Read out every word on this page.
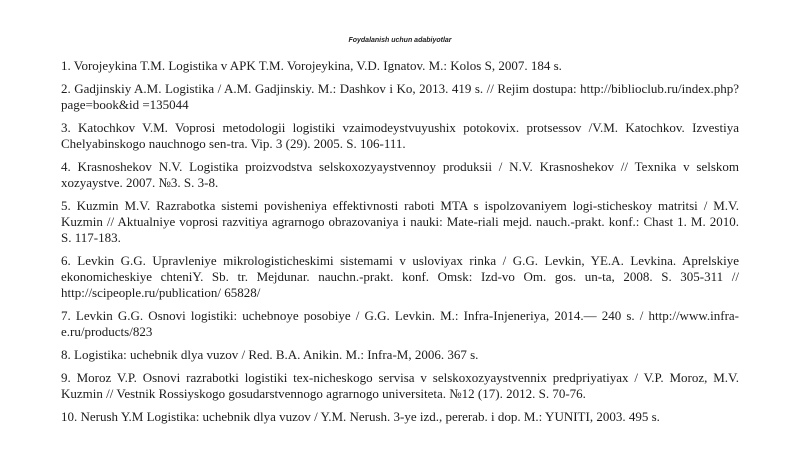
Foydalanish uchun adabiyotlar
1. Vorojeykina T.M. Logistika v APK T.M. Vorojeykina, V.D. Ignatov. M.: Kolos S, 2007. 184 s.
2. Gadjinskiy A.M. Logistika / A.M. Gadjinskiy. M.: Dashkov i Ko, 2013. 419 s. // Rejim dostupa: http://biblioclub.ru/index.php?page=book&id =135044
3. Katochkov V.M. Voprosi metodologii logistiki vzaimodeystvuyushix potokovix. protsessov /V.M. Katochkov. Izvestiya Chelyabinskogo nauchnogo sen-tra. Vip. 3 (29). 2005. S. 106-111.
4. Krasnoshekov N.V. Logistika proizvodstva selskoxozyaystvennoy produksii / N.V. Krasnoshekov // Texnika v selskom xozyaystve. 2007. №3. S. 3-8.
5. Kuzmin M.V. Razrabotka sistemi povisheniya effektivnosti raboti MTA s ispolzovaniyem logi-sticheskoy matritsi / M.V. Kuzmin // Aktualniye voprosi razvitiya agrarnogo obrazovaniya i nauki: Mate-riali mejd. nauch.-prakt. konf.: Chast 1. M. 2010. S. 117-183.
6. Levkin G.G. Upravleniye mikrologisticheskimi sistemami v usloviyax rinka / G.G. Levkin, YE.A. Levkina. Aprelskiye ekonomicheskiye chteniY. Sb. tr. Mejdunar. nauchn.-prakt. konf. Omsk: Izd-vo Om. gos. un-ta, 2008. S. 305-311 // http://scipeople.ru/publication/ 65828/
7. Levkin G.G. Osnovi logistiki: uchebnoye posobiye / G.G. Levkin. M.: Infra-Injeneriya, 2014.— 240 s. / http://www.infra-e.ru/products/823
8. Logistika: uchebnik dlya vuzov / Red. B.A. Anikin. M.: Infra-M, 2006. 367 s.
9. Moroz V.P. Osnovi razrabotki logistiki tex-nicheskogo servisa v selskoxozyaystvennix predpriyatiyax / V.P. Moroz, M.V. Kuzmin // Vestnik Rossiyskogo gosudarstvennogo agrarnogo universiteta. №12 (17). 2012. S. 70-76.
10. Nerush Y.M Logistika: uchebnik dlya vuzov / Y.M. Nerush. 3-ye izd., pererab. i dop. M.: YUNITI, 2003. 495 s.
